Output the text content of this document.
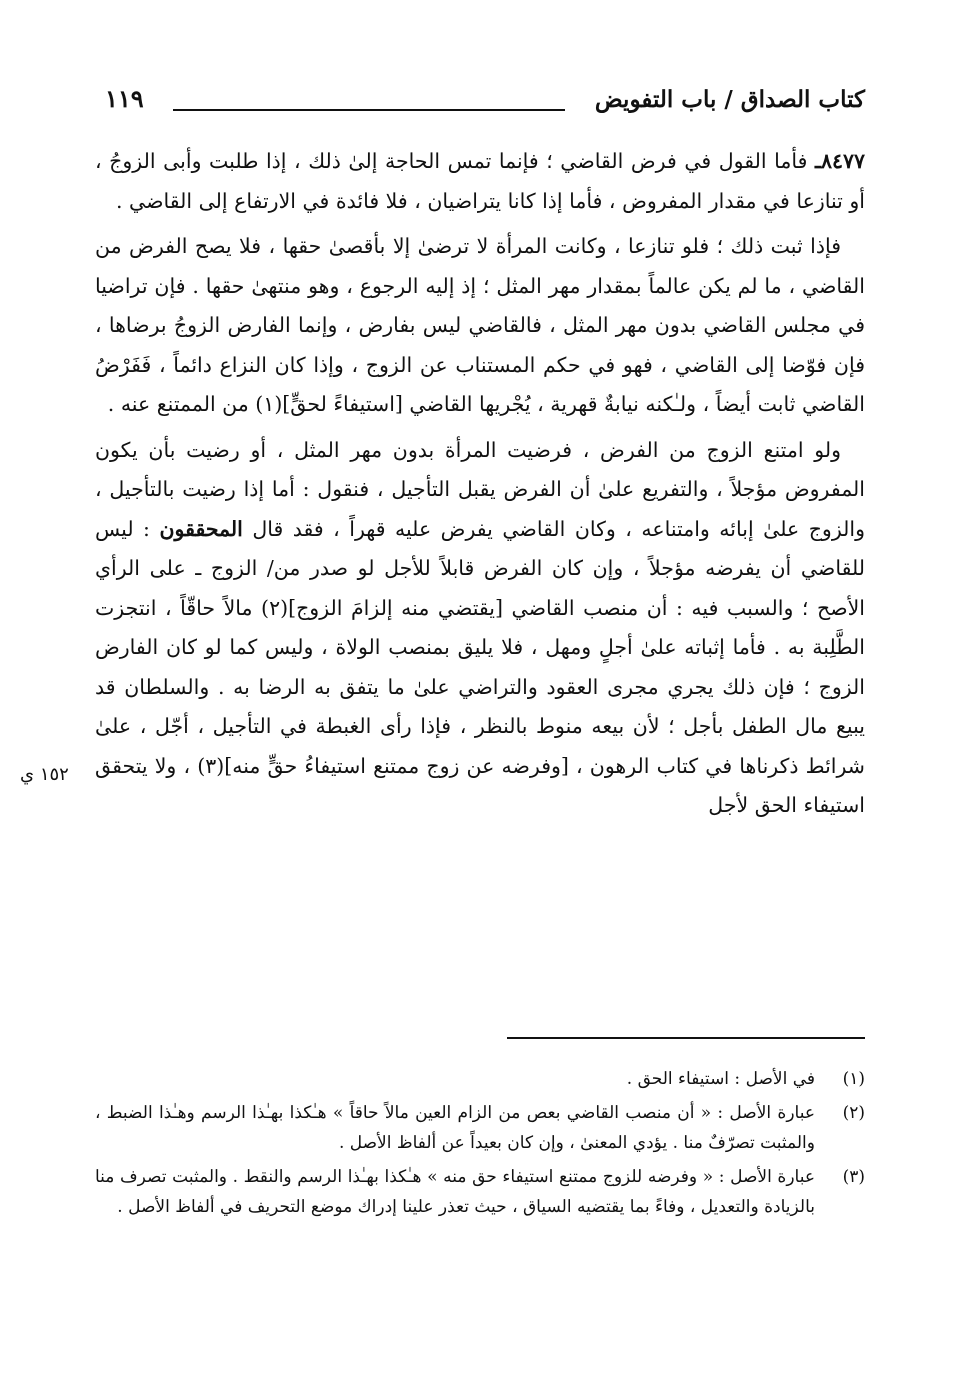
كتاب الصداق / باب التفويض
١١٩

٨٤٧٧ـ فأما القول في فرض القاضي ؛ فإنما تمس الحاجة إلىٰ ذلك ، إذا طلبت وأبى الزوجُ ، أو تنازعا في مقدار المفروض ، فأما إذا كانا يتراضيان ، فلا فائدة في الارتفاع إلى القاضي .

فإذا ثبت ذلك ؛ فلو تنازعا ، وكانت المرأة لا ترضىٰ إلا بأقصىٰ حقها ، فلا يصح الفرض من القاضي ، ما لم يكن عالماً بمقدار مهر المثل ؛ إذ إليه الرجوع ، وهو منتهىٰ حقها . فإن تراضيا في مجلس القاضي بدون مهر المثل ، فالقاضي ليس بفارض ، وإنما الفارض الزوجُ برضاها ، فإن فوّضا إلى القاضي ، فهو في حكم المستناب عن الزوج ، وإذا كان النزاع دائماً ، فَفَرْضُ القاضي ثابت أيضاً ، ولـٰكنه نيابةٌ قهرية ، يُجْريها القاضي [استيفاءً لحقٍّ](١) من الممتنع عنه .

ولو امتنع الزوج من الفرض ، فرضيت المرأة بدون مهر المثل ، أو رضيت بأن يكون المفروض مؤجلاً ، والتفريع علىٰ أن الفرض يقبل التأجيل ، فنقول : أما إذا رضيت بالتأجيل ، والزوج علىٰ إبائه وامتناعه ، وكان القاضي يفرض عليه قهراً ، فقد قال المحققون : ليس للقاضي أن يفرضه مؤجلاً ، وإن كان الفرض قابلاً للأجل لو صدر من/ الزوج ـ على الرأي الأصح ؛ والسبب فيه : أن منصب القاضي [يقتضي منه إلزامَ الزوج](٢) مالاً حاقّاً ، انتجزت الطَّلِبة به . فأما إثباته علىٰ أجلٍ ومهل ، فلا يليق بمنصب الولاة ، وليس كما لو كان الفارض الزوج ؛ فإن ذلك يجري مجرى العقود والتراضي علىٰ ما يتفق به الرضا به . والسلطان قد يبيع مال الطفل بأجل ؛ لأن بيعه منوط بالنظر ، فإذا رأى الغبطة في التأجيل ، أجّل ، علىٰ شرائط ذكرناها في كتاب الرهون ، [وفرضه عن زوج ممتنع استيفاءُ حقٍّ منه](٣) ، ولا يتحقق استيفاء الحق لأجل

١٥٢ ي
(١)
في الأصل : استيفاء الحق .
(٢)
عبارة الأصل : « أن منصب القاضي بعص من الزام العين مالاً حاقاً » هـٰكذا بهـٰذا الرسم وهـٰذا الضبط ، والمثبت تصرّفٌ منا . يؤدي المعنىٰ ، وإن كان بعيداً عن ألفاظ الأصل .
(٣)
عبارة الأصل : « وفرضه للزوج ممتنع استيفاء حق منه » هـٰكذا بهـٰذا الرسم والنقط . والمثبت تصرف منا بالزيادة والتعديل ، وفاءً بما يقتضيه السياق ، حيث تعذر علينا إدراك موضع التحريف في ألفاظ الأصل .
